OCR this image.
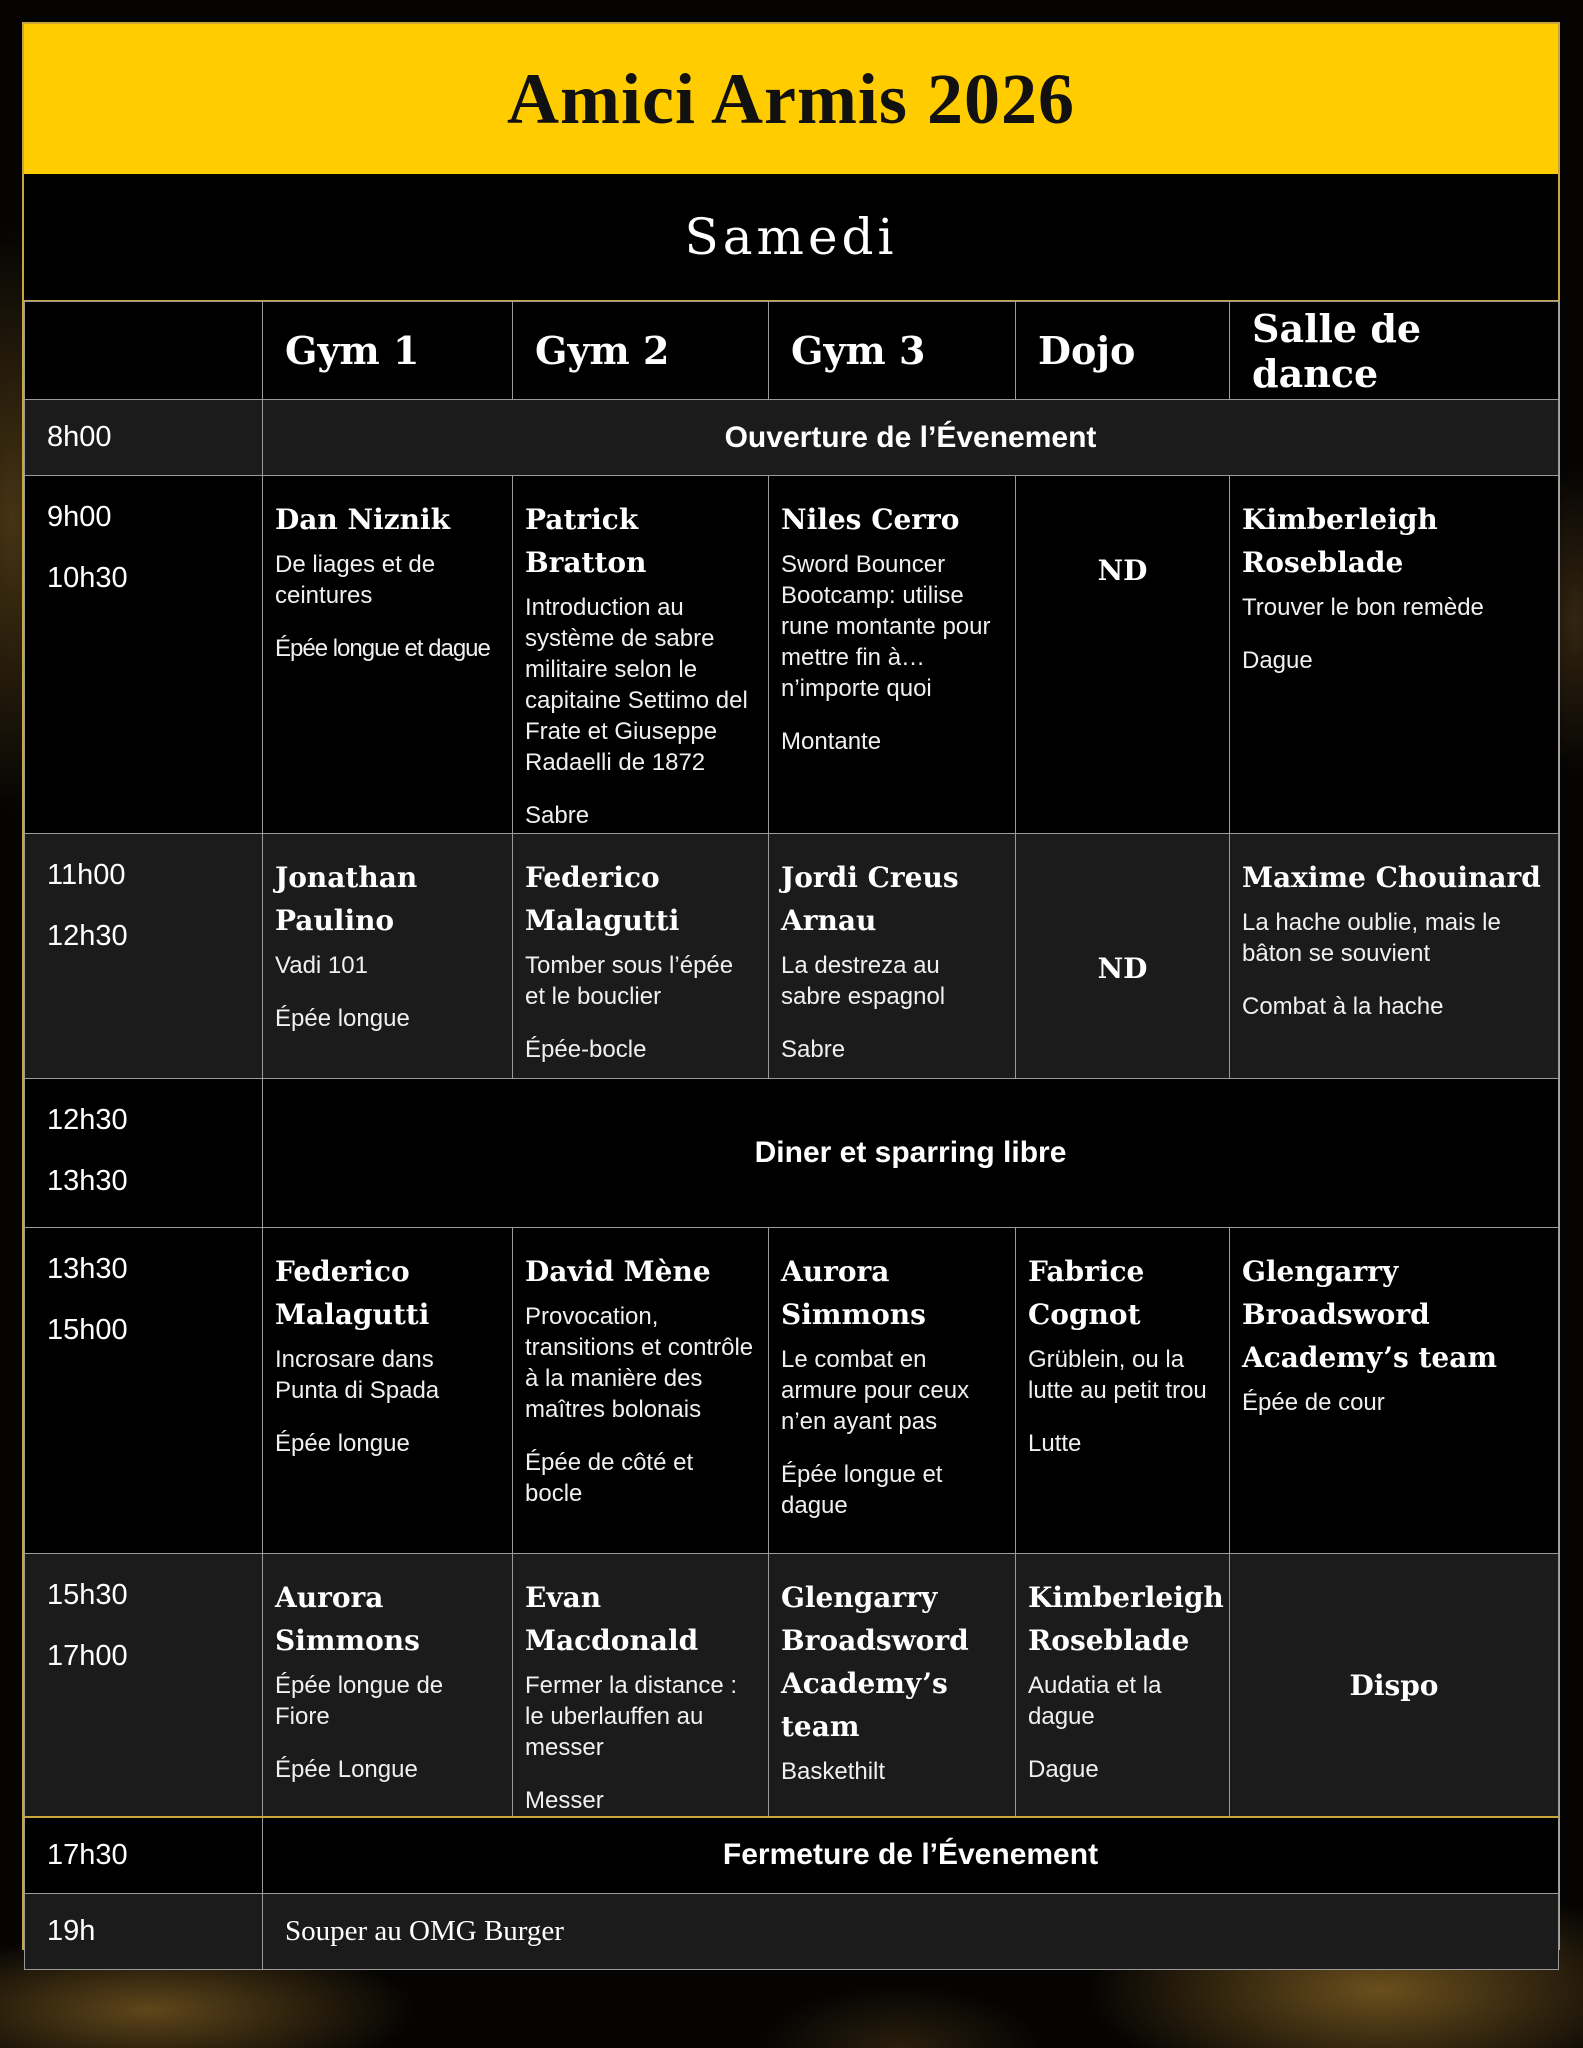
Amici Armis 2026
Samedi
	Gym 1	Gym 2	Gym 3	Dojo	Salle de dance
8h00	Ouverture de l’Évenement				

9h00
10h30	Dan Niznik
De liages et de ceintures
Épée longue et dague	Patrick Bratton
Introduction au système de sabre militaire selon le capitaine Settimo del Frate et Giuseppe Radaelli de 1872
Sabre	Niles Cerro
Sword Bouncer Bootcamp: utilise rune montante pour mettre fin à… n’importe quoi
Montante	ND	Kimberleigh Roseblade
Trouver le bon remède
Dague

11h00
12h30	Jonathan Paulino
Vadi 101
Épée longue	Federico Malagutti
Tomber sous l’épée et le bouclier
Épée-bocle	Jordi Creus Arnau
La destreza au sabre espagnol
Sabre	ND	Maxime Chouinard
La hache oublie, mais le bâton se souvient
Combat à la hache

12h30
13h30	Diner et sparring libre				

13h30
15h00	Federico Malagutti
Incrosare dans Punta di Spada
Épée longue	David Mène
Provocation, transitions et contrôle à la manière des maîtres bolonais
Épée de côté et bocle	Aurora Simmons
Le combat en armure pour ceux n’en ayant pas
Épée longue et dague	Fabrice Cognot
Grüblein, ou la lutte au petit trou
Lutte	Glengarry Broadsword Academy’s team
Épée de cour

15h30
17h00	Aurora Simmons
Épée longue de Fiore
Épée Longue	Evan Macdonald
Fermer la distance : le uberlauffen au messer
Messer	Glengarry Broadsword Academy’s team
Baskethilt	Kimberleigh Roseblade
Audatia et la dague
Dague	Dispo
17h30	Fermeture de l’Évenement				
19h	Souper au OMG Burger				
